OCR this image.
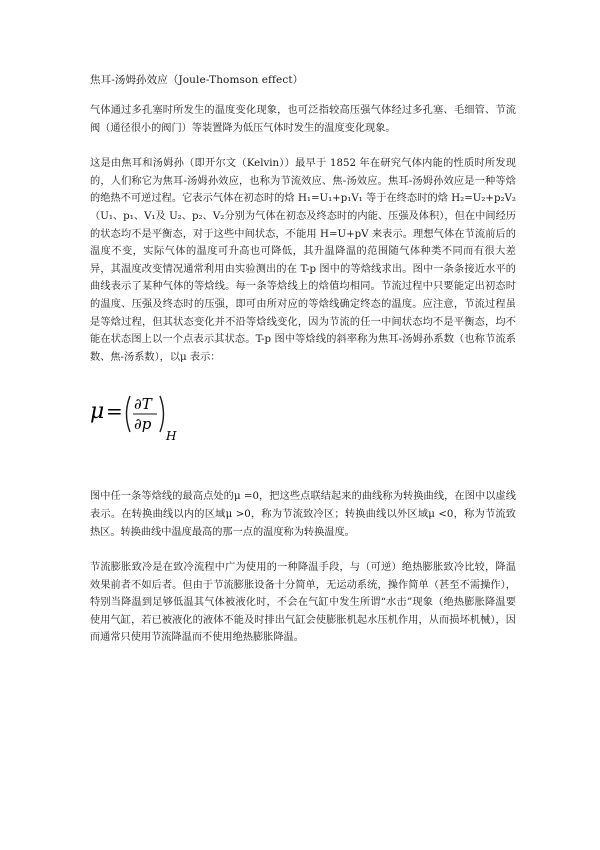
焦耳-汤姆孙效应（Joule-Thomson effect）

气体通过多孔塞时所发生的温度变化现象，也可泛指较高压强气体经过多孔塞、毛细管、节流阀（通径很小的阀门）等装置降为低压气体时发生的温度变化现象。

这是由焦耳和汤姆孙（即开尔文（Kelvin））最早于 1852 年在研究气体内能的性质时所发现的，人们称它为焦耳-汤姆孙效应，也称为节流效应、焦-汤效应。焦耳-汤姆孙效应是一种等焓的绝热不可逆过程。它表示气体在初态时的焓 H₁=U₁+p₁V₁ 等于在终态时的焓 H₂=U₂+p₂V₂（U₁、p₁、V₁及 U₂、p₂、V₂分别为气体在初态及终态时的内能、压强及体积），但在中间经历的状态均不是平衡态，对于这些中间状态，不能用 H=U+pV 来表示。理想气体在节流前后的温度不变，实际气体的温度可升高也可降低，其升温降温的范围随气体种类不同而有很大差异，其温度改变情况通常利用由实验测出的在 T-p 图中的等焓线求出。图中一条条接近水平的曲线表示了某种气体的等焓线。每一条等焓线上的焓值均相同。节流过程中只要能定出初态时的温度、压强及终态时的压强，即可由所对应的等焓线确定终态的温度。应注意，节流过程虽是等焓过程，但其状态变化并不沿等焓线变化，因为节流的任一中间状态均不是平衡态，均不能在状态图上以一个点表示其状态。T-p 图中等焓线的斜率称为焦耳-汤姆孙系数（也称节流系数、焦-汤系数），以μ 表示：

μ = ∂T
∂p
H

图中任一条等焓线的最高点处的μ =0，把这些点联结起来的曲线称为转换曲线，在图中以虚线表示。在转换曲线以内的区域μ >0，称为节流致冷区；转换曲线以外区域μ <0，称为节流致热区。转换曲线中温度最高的那一点的温度称为转换温度。

节流膨胀致冷是在致冷流程中广为使用的一种降温手段，与（可逆）绝热膨胀致冷比较，降温效果前者不如后者。但由于节流膨胀设备十分简单，无运动系统，操作简单（甚至不需操作），特别当降温到足够低温其气体被液化时，不会在气缸中发生所谓“水击”现象（绝热膨胀降温要使用气缸，若已被液化的液体不能及时排出气缸会使膨胀机起水压机作用，从而损坏机械），因而通常只使用节流降温而不使用绝热膨胀降温。
